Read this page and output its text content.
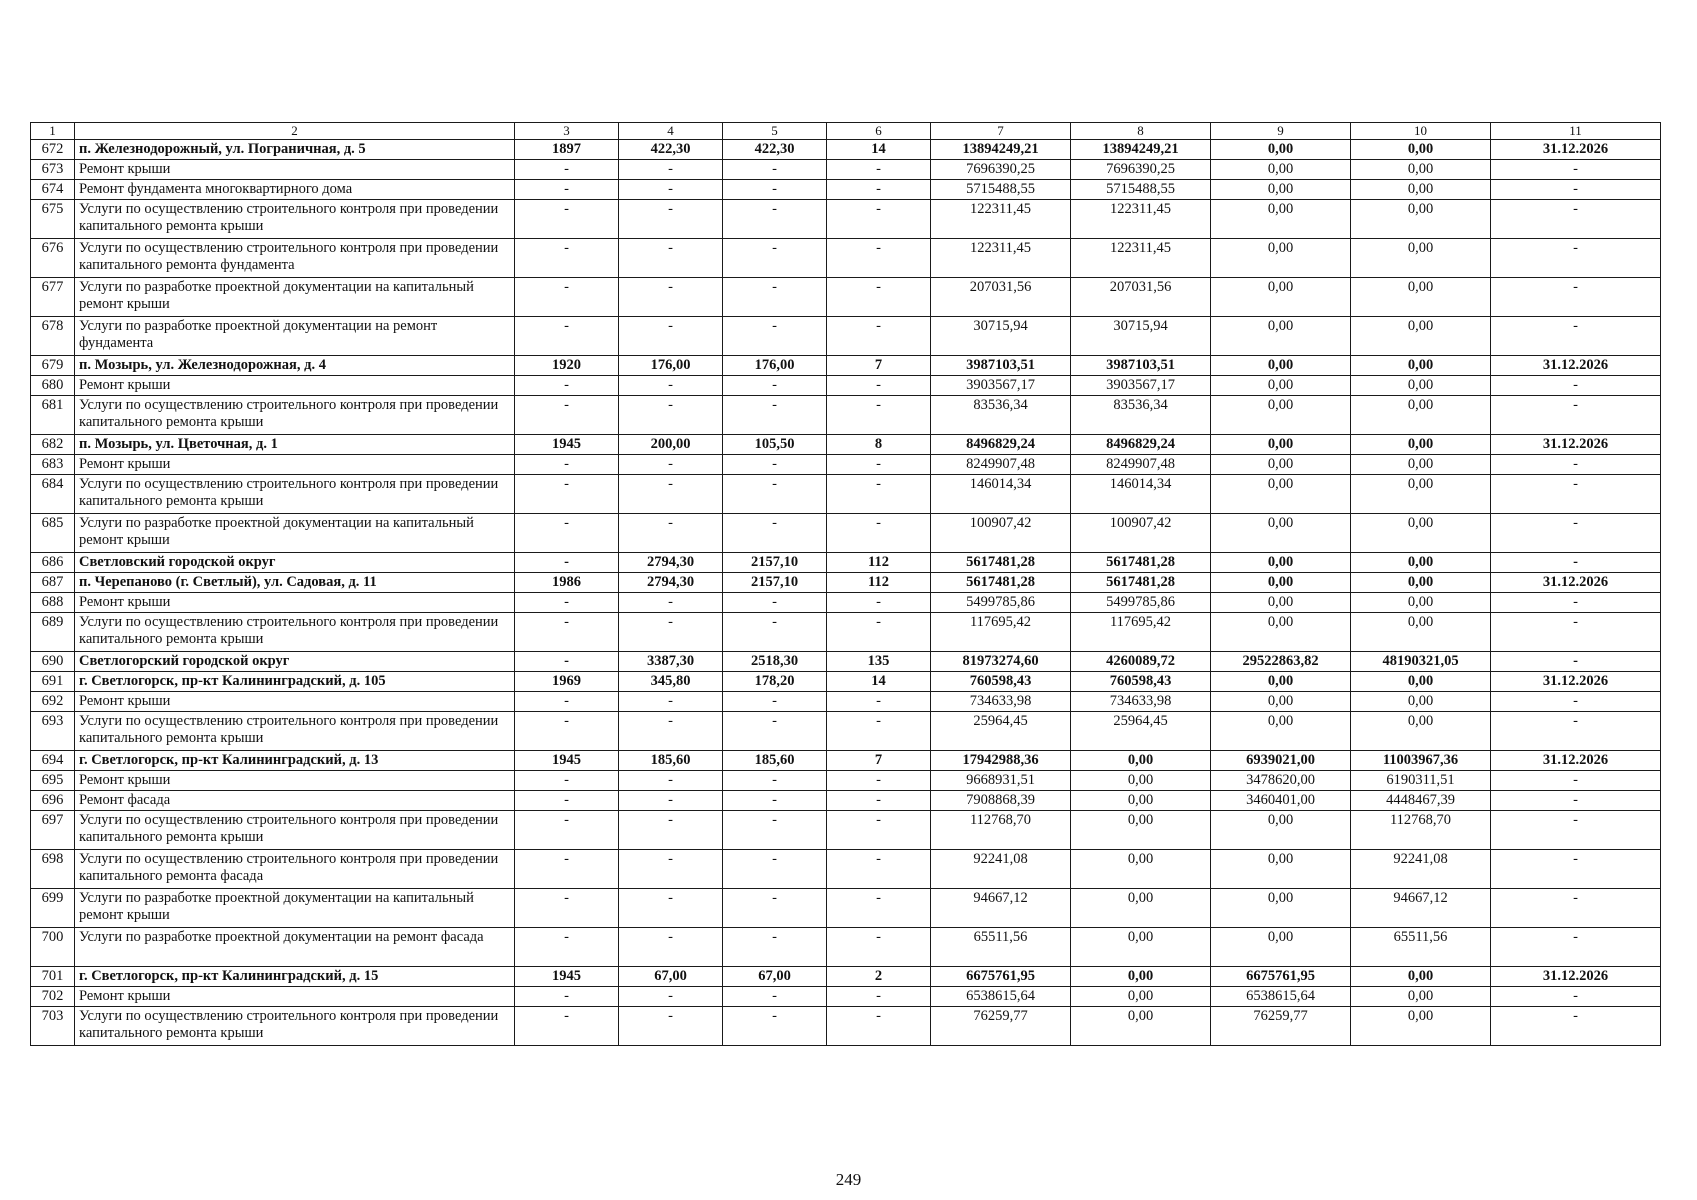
1	2	3	4	5	6	7	8	9	10	11
672	п. Железнодорожный, ул. Пограничная, д. 5	1897	422,30	422,30	14	13894249,21	13894249,21	0,00	0,00	31.12.2026
673	Ремонт крыши	-	-	-	-	7696390,25	7696390,25	0,00	0,00	-
674	Ремонт фундамента многоквартирного дома	-	-	-	-	5715488,55	5715488,55	0,00	0,00	-
675	Услуги по осуществлению строительного контроля при проведении капитального ремонта крыши	-	-	-	-	122311,45	122311,45	0,00	0,00	-
676	Услуги по осуществлению строительного контроля при проведении капитального ремонта фундамента	-	-	-	-	122311,45	122311,45	0,00	0,00	-
677	Услуги по разработке проектной документации на капитальный ремонт крыши	-	-	-	-	207031,56	207031,56	0,00	0,00	-
678	Услуги по разработке проектной документации на ремонт фундамента	-	-	-	-	30715,94	30715,94	0,00	0,00	-
679	п. Мозырь, ул. Железнодорожная, д. 4	1920	176,00	176,00	7	3987103,51	3987103,51	0,00	0,00	31.12.2026
680	Ремонт крыши	-	-	-	-	3903567,17	3903567,17	0,00	0,00	-
681	Услуги по осуществлению строительного контроля при проведении капитального ремонта крыши	-	-	-	-	83536,34	83536,34	0,00	0,00	-
682	п. Мозырь, ул. Цветочная, д. 1	1945	200,00	105,50	8	8496829,24	8496829,24	0,00	0,00	31.12.2026
683	Ремонт крыши	-	-	-	-	8249907,48	8249907,48	0,00	0,00	-
684	Услуги по осуществлению строительного контроля при проведении капитального ремонта крыши	-	-	-	-	146014,34	146014,34	0,00	0,00	-
685	Услуги по разработке проектной документации на капитальный ремонт крыши	-	-	-	-	100907,42	100907,42	0,00	0,00	-
686	Светловский городской округ	-	2794,30	2157,10	112	5617481,28	5617481,28	0,00	0,00	-
687	п. Черепаново (г. Светлый), ул. Садовая, д. 11	1986	2794,30	2157,10	112	5617481,28	5617481,28	0,00	0,00	31.12.2026
688	Ремонт крыши	-	-	-	-	5499785,86	5499785,86	0,00	0,00	-
689	Услуги по осуществлению строительного контроля при проведении капитального ремонта крыши	-	-	-	-	117695,42	117695,42	0,00	0,00	-
690	Светлогорский городской округ	-	3387,30	2518,30	135	81973274,60	4260089,72	29522863,82	48190321,05	-
691	г. Светлогорск, пр-кт Калининградский, д. 105	1969	345,80	178,20	14	760598,43	760598,43	0,00	0,00	31.12.2026
692	Ремонт крыши	-	-	-	-	734633,98	734633,98	0,00	0,00	-
693	Услуги по осуществлению строительного контроля при проведении капитального ремонта крыши	-	-	-	-	25964,45	25964,45	0,00	0,00	-
694	г. Светлогорск, пр-кт Калининградский, д. 13	1945	185,60	185,60	7	17942988,36	0,00	6939021,00	11003967,36	31.12.2026
695	Ремонт крыши	-	-	-	-	9668931,51	0,00	3478620,00	6190311,51	-
696	Ремонт фасада	-	-	-	-	7908868,39	0,00	3460401,00	4448467,39	-
697	Услуги по осуществлению строительного контроля при проведении капитального ремонта крыши	-	-	-	-	112768,70	0,00	0,00	112768,70	-
698	Услуги по осуществлению строительного контроля при проведении капитального ремонта фасада	-	-	-	-	92241,08	0,00	0,00	92241,08	-
699	Услуги по разработке проектной документации на капитальный ремонт крыши	-	-	-	-	94667,12	0,00	0,00	94667,12	-
700	Услуги по разработке проектной документации на ремонт фасада	-	-	-	-	65511,56	0,00	0,00	65511,56	-
701	г. Светлогорск, пр-кт Калининградский, д. 15	1945	67,00	67,00	2	6675761,95	0,00	6675761,95	0,00	31.12.2026
702	Ремонт крыши	-	-	-	-	6538615,64	0,00	6538615,64	0,00	-
703	Услуги по осуществлению строительного контроля при проведении капитального ремонта крыши	-	-	-	-	76259,77	0,00	76259,77	0,00	-
249
